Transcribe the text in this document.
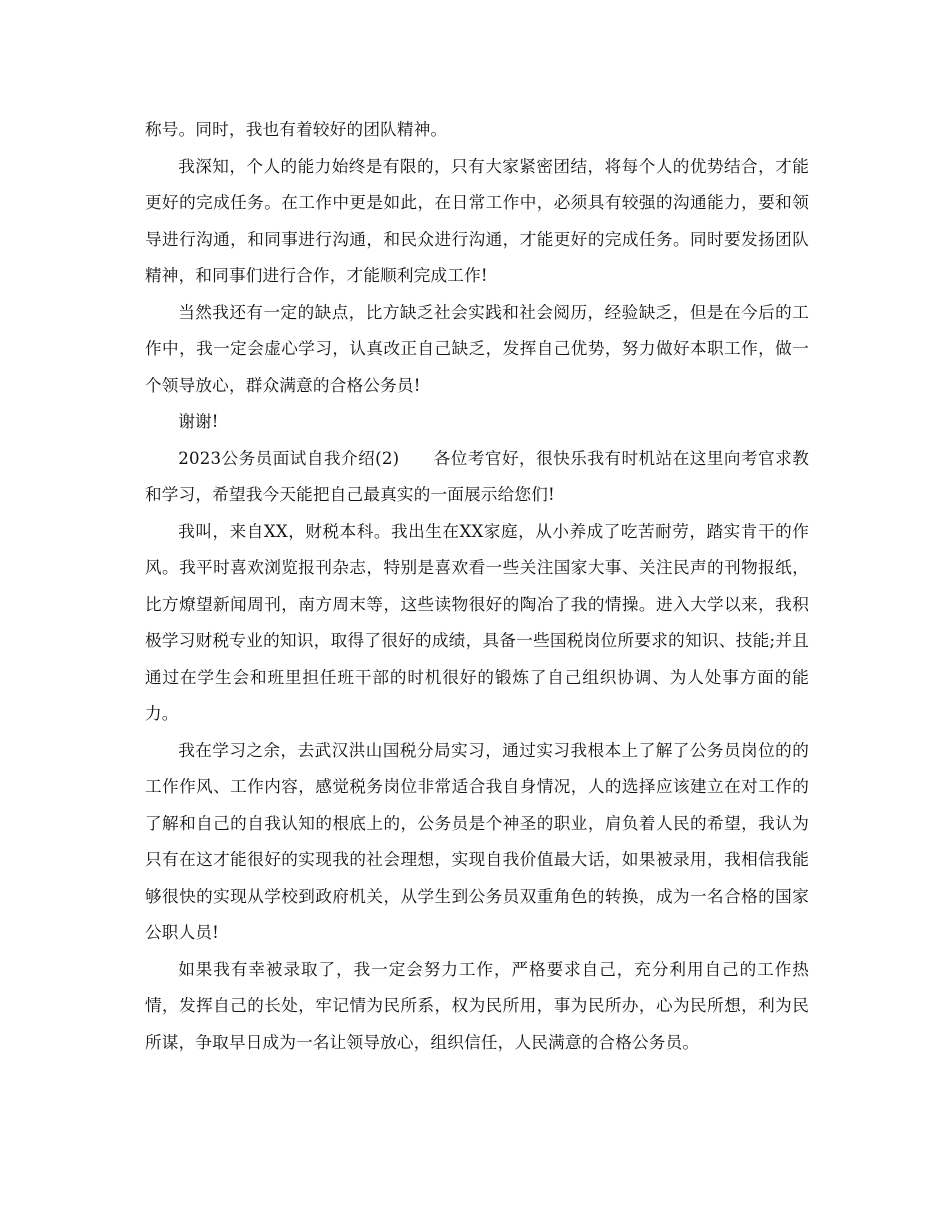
称号。同时，我也有着较好的团队精神。

我深知，个人的能力始终是有限的，只有大家紧密团结，将每个人的优势结合，才能更好的完成任务。在工作中更是如此，在日常工作中，必须具有较强的沟通能力，要和领导进行沟通，和同事进行沟通，和民众进行沟通，才能更好的完成任务。同时要发扬团队精神，和同事们进行合作，才能顺利完成工作!

当然我还有一定的缺点，比方缺乏社会实践和社会阅历，经验缺乏，但是在今后的工作中，我一定会虚心学习，认真改正自己缺乏，发挥自己优势，努力做好本职工作，做一个领导放心，群众满意的合格公务员!

谢谢!

2023公务员面试自我介绍(2)　　各位考官好，很快乐我有时机站在这里向考官求教和学习，希望我今天能把自己最真实的一面展示给您们!

我叫，来自XX，财税本科。我出生在XX家庭，从小养成了吃苦耐劳，踏实肯干的作风。我平时喜欢浏览报刊杂志，特别是喜欢看一些关注国家大事、关注民声的刊物报纸，比方燎望新闻周刊，南方周末等，这些读物很好的陶冶了我的情操。进入大学以来，我积极学习财税专业的知识，取得了很好的成绩，具备一些国税岗位所要求的知识、技能;并且通过在学生会和班里担任班干部的时机很好的锻炼了自己组织协调、为人处事方面的能力。

我在学习之余，去武汉洪山国税分局实习，通过实习我根本上了解了公务员岗位的的工作作风、工作内容，感觉税务岗位非常适合我自身情况，人的选择应该建立在对工作的了解和自己的自我认知的根底上的，公务员是个神圣的职业，肩负着人民的希望，我认为只有在这才能很好的实现我的社会理想，实现自我价值最大话，如果被录用，我相信我能够很快的实现从学校到政府机关，从学生到公务员双重角色的转换，成为一名合格的国家公职人员!

如果我有幸被录取了，我一定会努力工作，严格要求自己，充分利用自己的工作热情，发挥自己的长处，牢记情为民所系，权为民所用，事为民所办，心为民所想，利为民所谋，争取早日成为一名让领导放心，组织信任，人民满意的合格公务员。
